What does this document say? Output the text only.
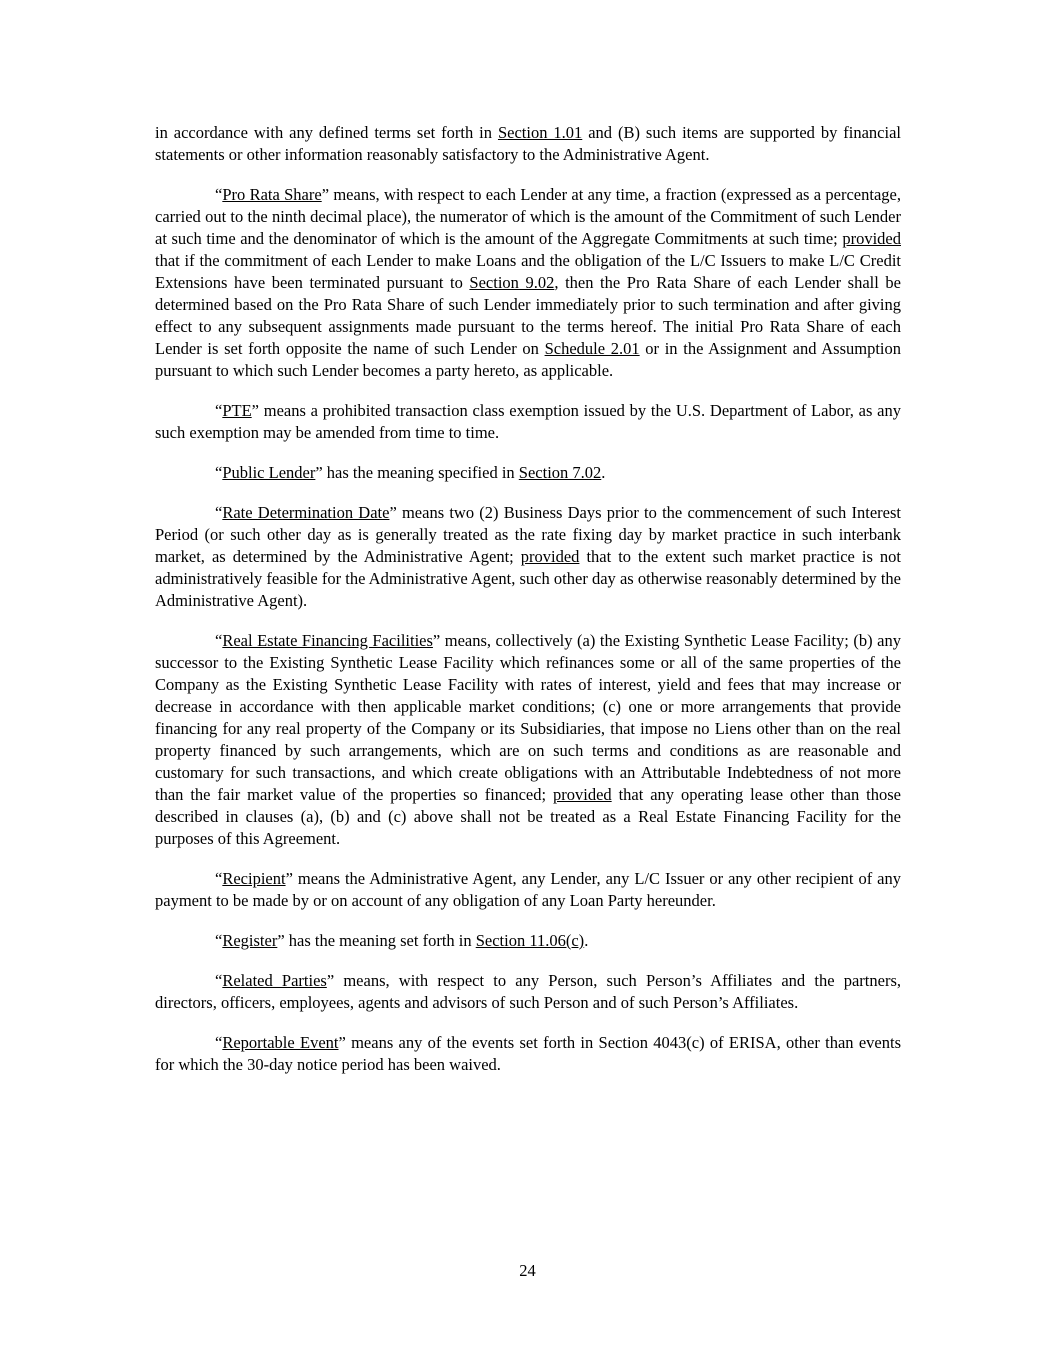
in accordance with any defined terms set forth in Section 1.01 and (B) such items are supported by financial statements or other information reasonably satisfactory to the Administrative Agent.

“Pro Rata Share” means, with respect to each Lender at any time, a fraction (expressed as a percentage, carried out to the ninth decimal place), the numerator of which is the amount of the Commitment of such Lender at such time and the denominator of which is the amount of the Aggregate Commitments at such time; provided that if the commitment of each Lender to make Loans and the obligation of the L/C Issuers to make L/C Credit Extensions have been terminated pursuant to Section 9.02, then the Pro Rata Share of each Lender shall be determined based on the Pro Rata Share of such Lender immediately prior to such termination and after giving effect to any subsequent assignments made pursuant to the terms hereof. The initial Pro Rata Share of each Lender is set forth opposite the name of such Lender on Schedule 2.01 or in the Assignment and Assumption pursuant to which such Lender becomes a party hereto, as applicable.

“PTE” means a prohibited transaction class exemption issued by the U.S. Department of Labor, as any such exemption may be amended from time to time.

“Public Lender” has the meaning specified in Section 7.02.

“Rate Determination Date” means two (2) Business Days prior to the commencement of such Interest Period (or such other day as is generally treated as the rate fixing day by market practice in such interbank market, as determined by the Administrative Agent; provided that to the extent such market practice is not administratively feasible for the Administrative Agent, such other day as otherwise reasonably determined by the Administrative Agent).

“Real Estate Financing Facilities” means, collectively (a) the Existing Synthetic Lease Facility; (b) any successor to the Existing Synthetic Lease Facility which refinances some or all of the same properties of the Company as the Existing Synthetic Lease Facility with rates of interest, yield and fees that may increase or decrease in accordance with then applicable market conditions; (c) one or more arrangements that provide financing for any real property of the Company or its Subsidiaries, that impose no Liens other than on the real property financed by such arrangements, which are on such terms and conditions as are reasonable and customary for such transactions, and which create obligations with an Attributable Indebtedness of not more than the fair market value of the properties so financed; provided that any operating lease other than those described in clauses (a), (b) and (c) above shall not be treated as a Real Estate Financing Facility for the purposes of this Agreement.

“Recipient” means the Administrative Agent, any Lender, any L/C Issuer or any other recipient of any payment to be made by or on account of any obligation of any Loan Party hereunder.

“Register” has the meaning set forth in Section 11.06(c).

“Related Parties” means, with respect to any Person, such Person’s Affiliates and the partners, directors, officers, employees, agents and advisors of such Person and of such Person’s Affiliates.

“Reportable Event” means any of the events set forth in Section 4043(c) of ERISA, other than events for which the 30-day notice period has been waived.

24
